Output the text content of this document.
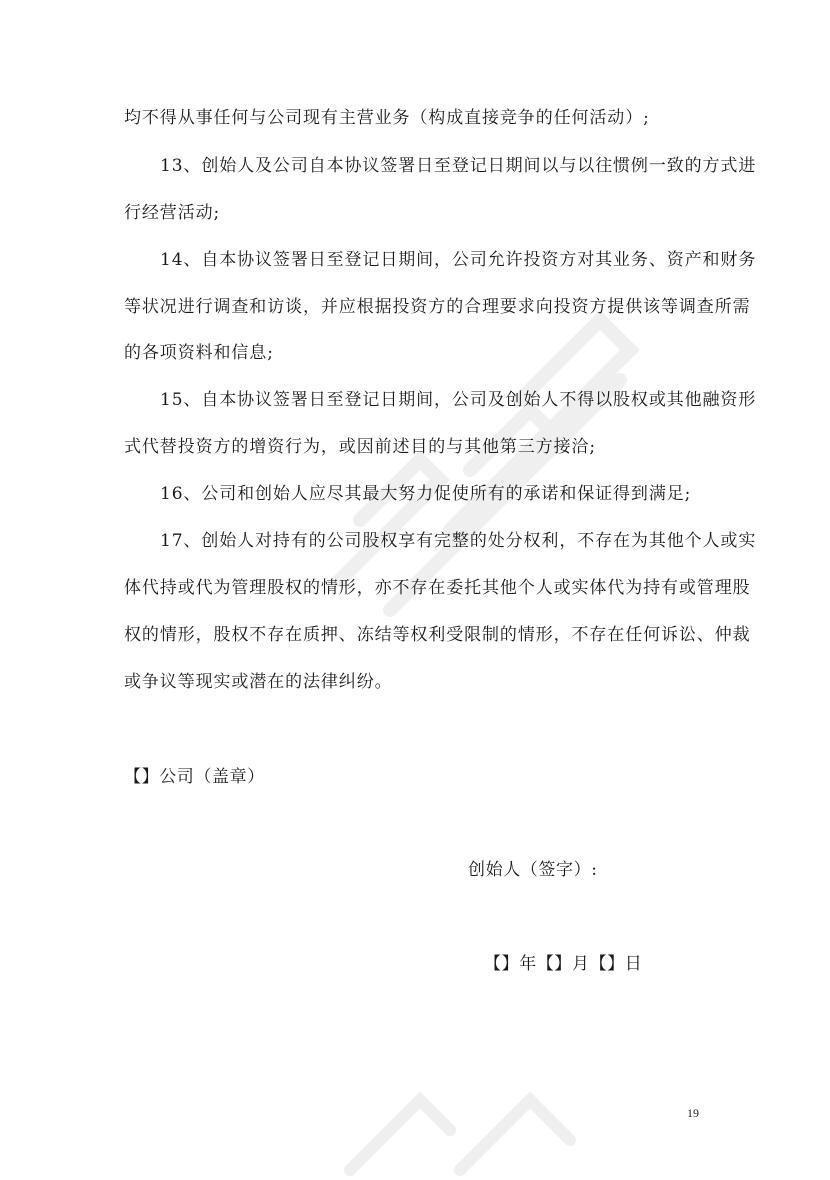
均不得从事任何与公司现有主营业务（构成直接竞争的任何活动）;
13、创始人及公司自本协议签署日至登记日期间以与以往惯例一致的方式进
行经营活动;
14、自本协议签署日至登记日期间，公司允许投资方对其业务、资产和财务
等状况进行调查和访谈，并应根据投资方的合理要求向投资方提供该等调查所需
的各项资料和信息;
15、自本协议签署日至登记日期间，公司及创始人不得以股权或其他融资形
式代替投资方的增资行为，或因前述目的与其他第三方接洽;
16、公司和创始人应尽其最大努力促使所有的承诺和保证得到满足;
17、创始人对持有的公司股权享有完整的处分权利，不存在为其他个人或实
体代持或代为管理股权的情形，亦不存在委托其他个人或实体代为持有或管理股
权的情形，股权不存在质押、冻结等权利受限制的情形，不存在任何诉讼、仲裁
或争议等现实或潜在的法律纠纷。
【】公司（盖章）
创始人（签字）:
【】年【】月【】日
19
